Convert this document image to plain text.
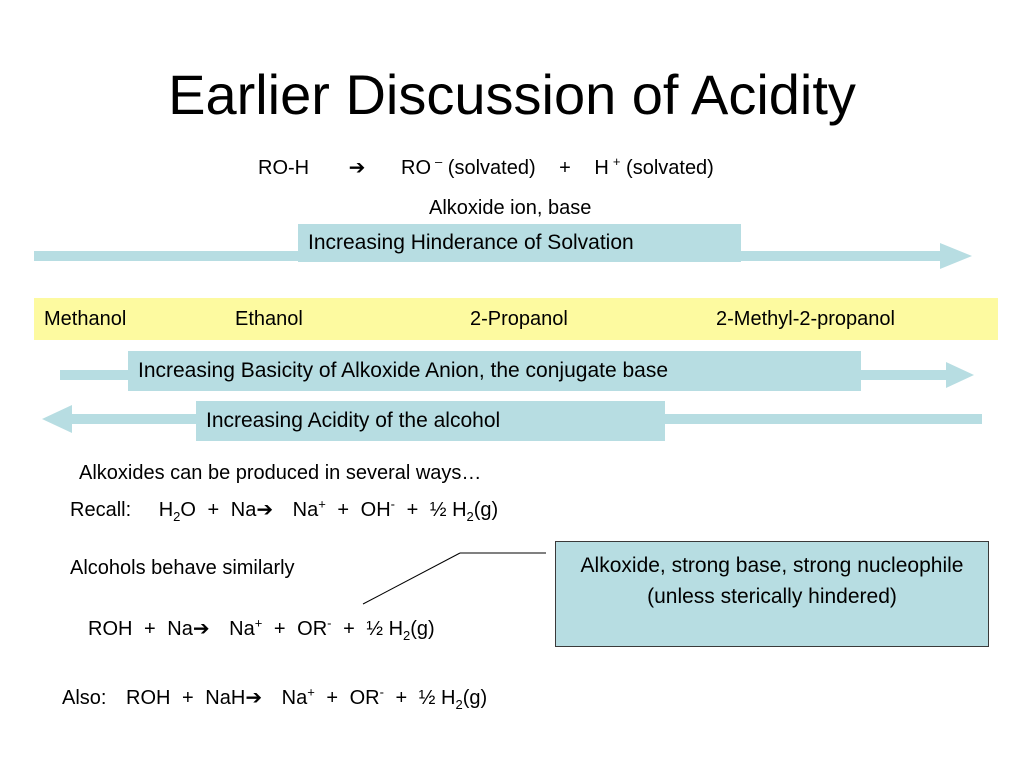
Earlier Discussion of Acidity
RO-H ➔ RO – (solvated) + H + (solvated)
Alkoxide ion, base
Increasing Hinderance of Solvation
Methanol	Ethanol	2-Propanol	2-Methyl-2-propanol
Increasing Basicity of Alkoxide Anion, the conjugate base
Increasing Acidity of the alcohol
Alkoxides can be produced in several ways…
Recall: $H_2O$ + Na➔ Na+ + OH- + ½ $H_2(g)$
Alcohols behave similarly
ROH + Na➔ Na+ + OR- + ½ $H_2(g)$
Also: ROH + NaH➔ Na+ + OR- + ½ $H_2(g)$
Alkoxide, strong base, strong nucleophile (unless sterically hindered)
